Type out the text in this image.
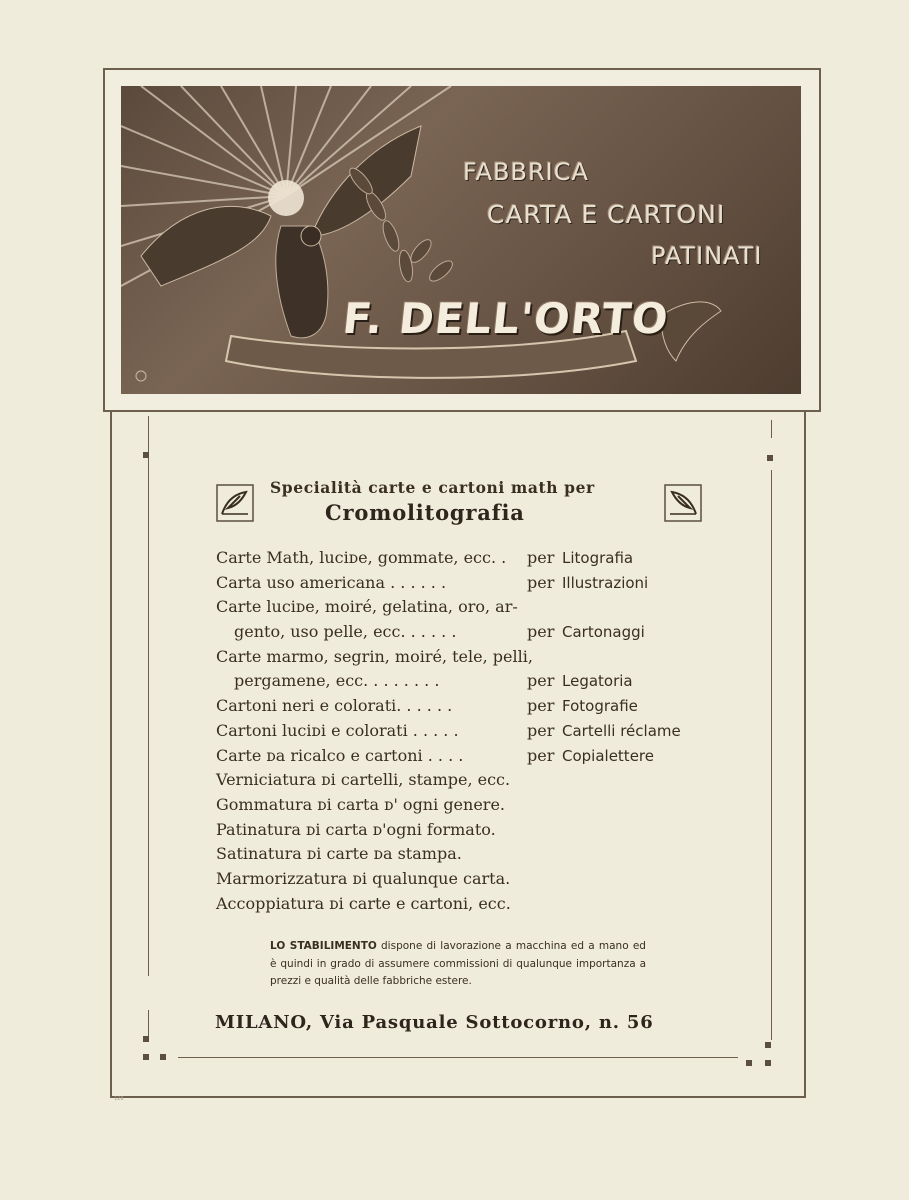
FABBRICA
CARTA E CARTONI
PATINATI
F. DELL'ORTO
Specialità carte e cartoni math per
Cromolitografia
Carte Math, luciᴅe, gommate, ecc. . per Litografia
Carta uso americana . . . . . .	per Illustrazioni
Carte luciᴅe, moiré, gelatina, oro, ar-
gento, uso pelle, ecc. . . . . .	per Cartonaggi
Carte marmo, segrin, moiré, tele, pelli,
pergamene, ecc. . . . . . . .	per Legatoria
Cartoni neri e colorati. . . . . .	per Fotografie
Cartoni luciᴅi e colorati . . . . .	per Cartelli réclame
Carte ᴅa ricalco e cartoni . . . .	per Copialettere
Verniciatura ᴅi cartelli, stampe, ecc.
Gommatura ᴅi carta ᴅ' ogni genere.
Patinatura ᴅi carta ᴅ'ogni formato.
Satinatura ᴅi carte ᴅa stampa.
Marmorizzatura ᴅi qualunque carta.
Accoppiatura ᴅi carte e cartoni, ecc.
LO STABILIMENTO dispone di lavorazione a macchina ed a mano ed è quindi in grado di assumere commissioni di qualunque importanza a prezzi e qualità delle fabbriche estere.
MILANO, Via Pasquale Sottocorno, n. 56
128
